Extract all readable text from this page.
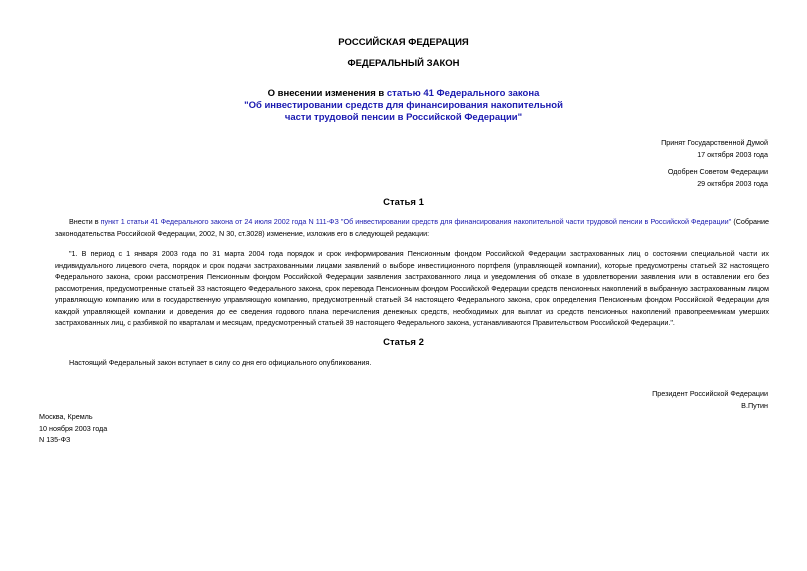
РОССИЙСКАЯ ФЕДЕРАЦИЯ
ФЕДЕРАЛЬНЫЙ ЗАКОН
О внесении изменения в статью 41 Федерального закона
"Об инвестировании средств для финансирования накопительной
части трудовой пенсии в Российской Федерации"
Принят Государственной Думой
17 октября 2003 года
Одобрен Советом Федерации
29 октября 2003 года
Статья 1
Внести в пункт 1 статьи 41 Федерального закона от 24 июля 2002 года N 111-ФЗ "Об инвестировании средств для финансирования накопительной части трудовой пенсии в Российской Федерации" (Собрание законодательства Российской Федерации, 2002, N 30, ст.3028) изменение, изложив его в следующей редакции:
"1. В период с 1 января 2003 года по 31 марта 2004 года порядок и срок информирования Пенсионным фондом Российской Федерации застрахованных лиц о состоянии специальной части их индивидуального лицевого счета, порядок и срок подачи застрахованными лицами заявлений о выборе инвестиционного портфеля (управляющей компании), которые предусмотрены статьей 32 настоящего Федерального закона, сроки рассмотрения Пенсионным фондом Российской Федерации заявления застрахованного лица и уведомления об отказе в удовлетворении заявления или в оставлении его без рассмотрения, предусмотренные статьей 33 настоящего Федерального закона, срок перевода Пенсионным фондом Российской Федерации средств пенсионных накоплений в выбранную застрахованным лицом управляющую компанию или в государственную управляющую компанию, предусмотренный статьей 34 настоящего Федерального закона, срок определения Пенсионным фондом Российской Федерации для каждой управляющей компании и доведения до ее сведения годового плана перечисления денежных средств, необходимых для выплат из средств пенсионных накоплений правопреемникам умерших застрахованных лиц, с разбивкой по кварталам и месяцам, предусмотренный статьей 39 настоящего Федерального закона, устанавливаются Правительством Российской Федерации.".
Статья 2
Настоящий Федеральный закон вступает в силу со дня его официального опубликования.
Президент Российской Федерации
В.Путин
Москва, Кремль
10 ноября 2003 года
N 135-ФЗ
